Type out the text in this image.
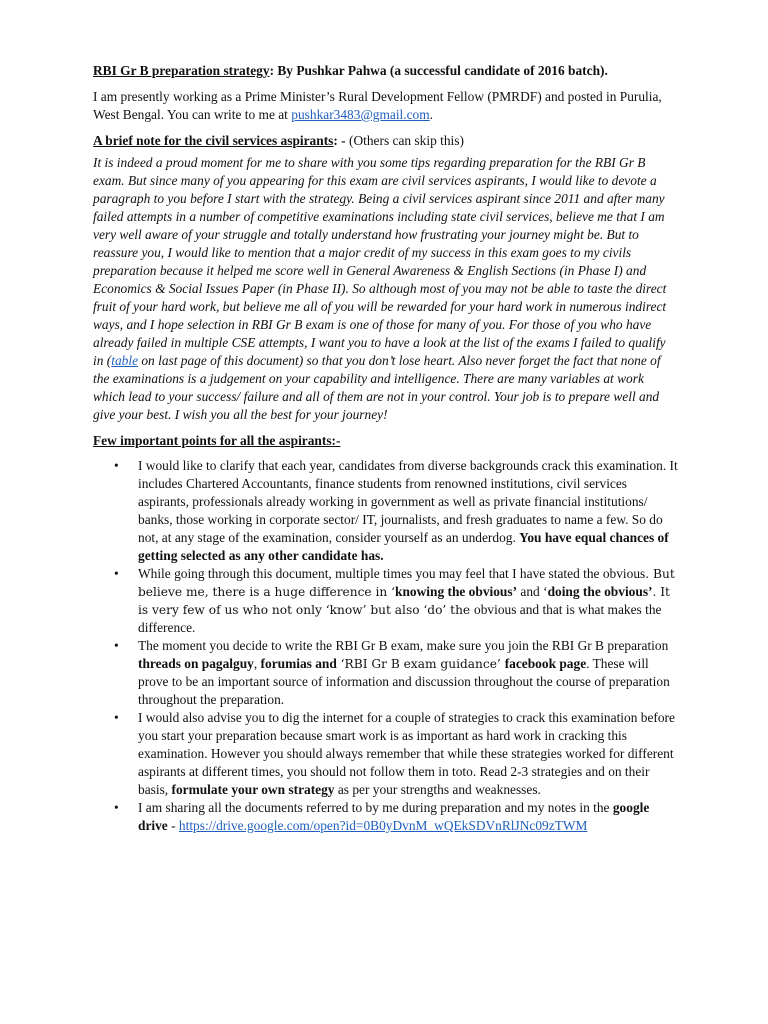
RBI Gr B preparation strategy: By Pushkar Pahwa (a successful candidate of 2016 batch).

I am presently working as a Prime Minister’s Rural Development Fellow (PMRDF) and posted in Purulia, West Bengal. You can write to me at pushkar3483@gmail.com.

A brief note for the civil services aspirants: - (Others can skip this)

It is indeed a proud moment for me to share with you some tips regarding preparation for the RBI Gr B exam. But since many of you appearing for this exam are civil services aspirants, I would like to devote a paragraph to you before I start with the strategy. Being a civil services aspirant since 2011 and after many failed attempts in a number of competitive examinations including state civil services, believe me that I am very well aware of your struggle and totally understand how frustrating your journey might be. But to reassure you, I would like to mention that a major credit of my success in this exam goes to my civils preparation because it helped me score well in General Awareness & English Sections (in Phase I) and Economics & Social Issues Paper (in Phase II). So although most of you may not be able to taste the direct fruit of your hard work, but believe me all of you will be rewarded for your hard work in numerous indirect ways, and I hope selection in RBI Gr B exam is one of those for many of you. For those of you who have already failed in multiple CSE attempts, I want you to have a look at the list of the exams I failed to qualify in (table on last page of this document) so that you don’t lose heart. Also never forget the fact that none of the examinations is a judgement on your capability and intelligence. There are many variables at work which lead to your success/ failure and all of them are not in your control. Your job is to prepare well and give your best. I wish you all the best for your journey!

Few important points for all the aspirants:-

• I would like to clarify that each year, candidates from diverse backgrounds crack this examination. It includes Chartered Accountants, finance students from renowned institutions, civil services aspirants, professionals already working in government as well as private financial institutions/ banks, those working in corporate sector/ IT, journalists, and fresh graduates to name a few. So do not, at any stage of the examination, consider yourself as an underdog. You have equal chances of getting selected as any other candidate has.
• While going through this document, multiple times you may feel that I have stated the obvious. But believe me, there is a huge difference in ‘knowing the obvious’ and ‘doing the obvious’. It is very few of us who not only ‘know’ but also ‘do’ the obvious and that is what makes the difference.
• The moment you decide to write the RBI Gr B exam, make sure you join the RBI Gr B preparation threads on pagalguy, forumias and ‘RBI Gr B exam guidance’ facebook page. These will prove to be an important source of information and discussion throughout the course of preparation throughout the preparation.
• I would also advise you to dig the internet for a couple of strategies to crack this examination before you start your preparation because smart work is as important as hard work in cracking this examination. However you should always remember that while these strategies worked for different aspirants at different times, you should not follow them in toto. Read 2-3 strategies and on their basis, formulate your own strategy as per your strengths and weaknesses.
• I am sharing all the documents referred to by me during preparation and my notes in the google drive - https://drive.google.com/open?id=0B0yDvnM_wQEkSDVnRlJNc09zTWM
